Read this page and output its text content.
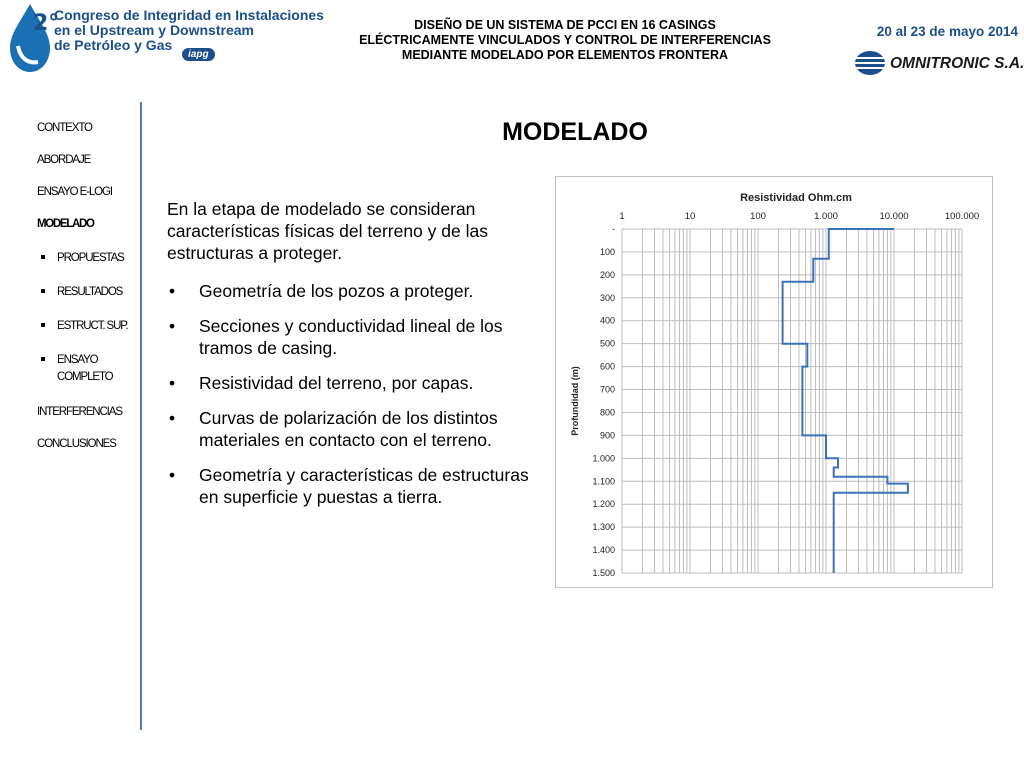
2°
Congreso de Integridad en Instalaciones
en el Upstream y Downstream
de Petróleo y Gas
iapg
DISEÑO DE UN SISTEMA DE PCCI EN 16 CASINGS
ELÉCTRICAMENTE VINCULADOS Y CONTROL DE INTERFERENCIAS
MEDIANTE MODELADO POR ELEMENTOS FRONTERA
20 al 23 de mayo 2014
OMNITRONIC S.A.
CONTEXTO
ABORDAJE
ENSAYO E-LOGI
MODELADO
PROPUESTAS
RESULTADOS
ESTRUCT. SUP.
ENSAYO COMPLETO
INTERFERENCIAS
CONCLUSIONES
MODELADO

En la etapa de modelado se consideran características físicas del terreno y de las estructuras a proteger.

• Geometría de los pozos a proteger.
• Secciones y conductividad lineal de los tramos de casing.
• Resistividad del terreno, por capas.
• Curvas de polarización de los distintos materiales en contacto con el terreno.
• Geometría y características de estructuras en superficie y puestas a tierra.
Resistividad Ohm.cm
1	10	100	1.000	10.000	100.000
-
100
200
300
400
500
600
700
800
900
1.000
1.100
1.200
1.300
1.400
1.500
Profundidad (m)
